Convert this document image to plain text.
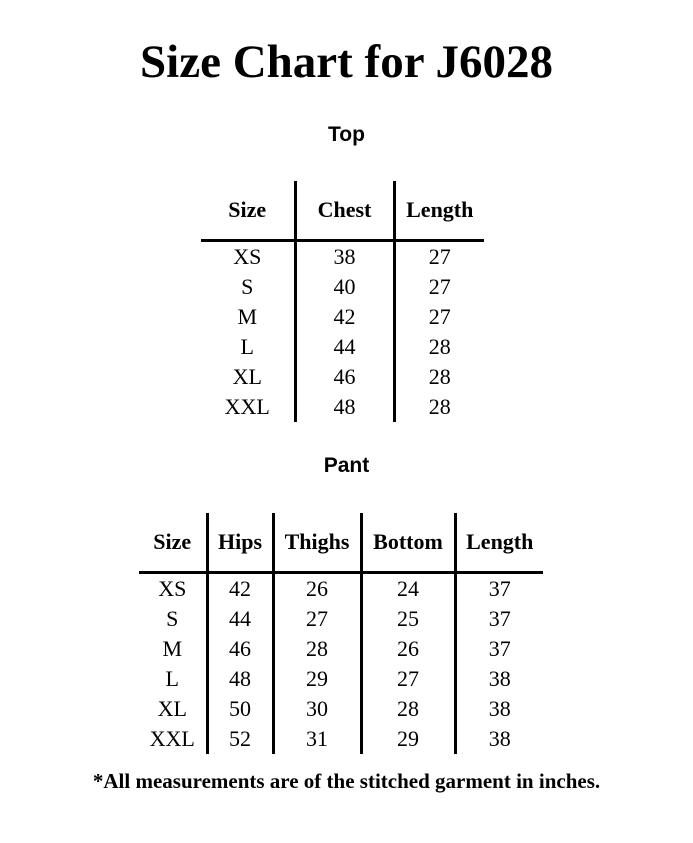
Size Chart for J6028
Top
Size	Chest	Length
XS	38	27
S	40	27
M	42	27
L	44	28
XL	46	28
XXL	48	28
Pant
Size	Hips	Thighs	Bottom	Length
XS	42	26	24	37
S	44	27	25	37
M	46	28	26	37
L	48	29	27	38
XL	50	30	28	38
XXL	52	31	29	38

*All measurements are of the stitched garment in inches.
